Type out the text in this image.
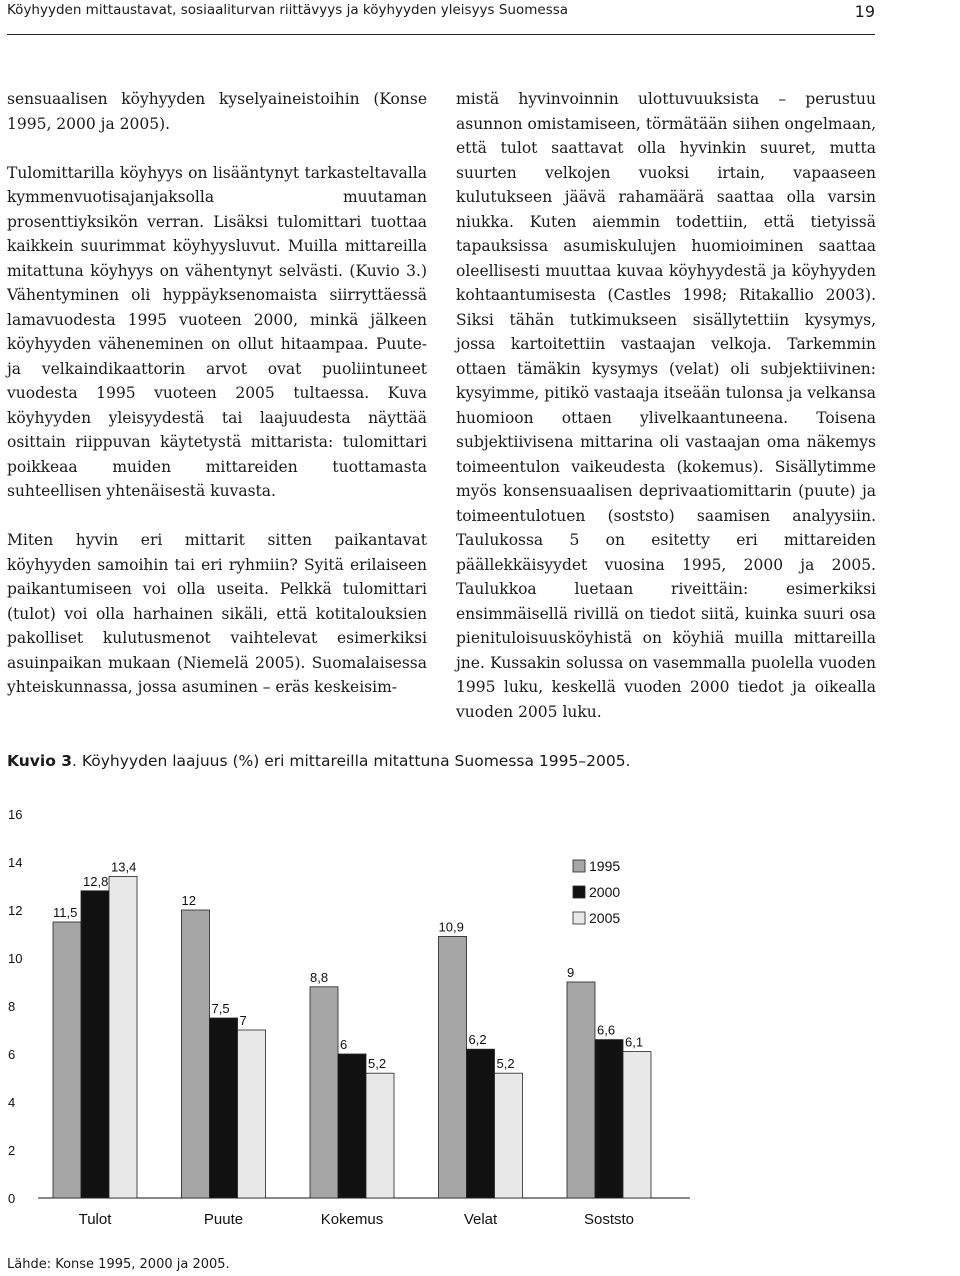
Köyhyyden mittaustavat, sosiaaliturvan riittävyys ja köyhyyden yleisyys Suomessa	19

sensuaalisen köyhyyden kyselyaineistoihin (Konse 1995, 2000 ja 2005).

Tulomittarilla köyhyys on lisääntynyt tarkasteltavalla kymmenvuotisajanjaksolla muutaman prosenttiyksikön verran. Lisäksi tulomittari tuottaa kaikkein suurimmat köyhyysluvut. Muilla mittareilla mitattuna köyhyys on vähentynyt selvästi. (Kuvio 3.) Vähentyminen oli hyppäyksenomaista siirryttäessä lamavuodesta 1995 vuoteen 2000, minkä jälkeen köyhyyden väheneminen on ollut hitaampaa. Puute- ja velkaindikaattorin arvot ovat puoliintuneet vuodesta 1995 vuoteen 2005 tultaessa. Kuva köyhyyden yleisyydestä tai laajuudesta näyttää osittain riippuvan käytetystä mittarista: tulomittari poikkeaa muiden mittareiden tuottamasta suhteellisen yhtenäisestä kuvasta.

Miten hyvin eri mittarit sitten paikantavat köyhyyden samoihin tai eri ryhmiin? Syitä erilaiseen paikantumiseen voi olla useita. Pelkkä tulomittari (tulot) voi olla harhainen sikäli, että kotitalouksien pakolliset kulutusmenot vaihtelevat esimerkiksi asuinpaikan mukaan (Niemelä 2005). Suomalaisessa yhteiskunnassa, jossa asuminen – eräs keskeisim-

mistä hyvinvoinnin ulottuvuuksista – perustuu asunnon omistamiseen, törmätään siihen ongelmaan, että tulot saattavat olla hyvinkin suuret, mutta suurten velkojen vuoksi irtain, vapaaseen kulutukseen jäävä rahamäärä saattaa olla varsin niukka. Kuten aiemmin todettiin, että tietyissä tapauksissa asumiskulujen huomioiminen saattaa oleellisesti muuttaa kuvaa köyhyydestä ja köyhyyden kohtaantumisesta (Castles 1998; Ritakallio 2003). Siksi tähän tutkimukseen sisällytettiin kysymys, jossa kartoitettiin vastaajan velkoja. Tarkemmin ottaen tämäkin kysymys (velat) oli subjektiivinen: kysyimme, pitikö vastaaja itseään tulonsa ja velkansa huomioon ottaen ylivelkaantuneena. Toisena subjektiivisena mittarina oli vastaajan oma näkemys toimeentulon vaikeudesta (kokemus). Sisällytimme myös konsensuaalisen deprivaatiomittarin (puute) ja toimeentulotuen (soststo) saamisen analyysiin. Taulukossa 5 on esitetty eri mittareiden päällekkäisyydet vuosina 1995, 2000 ja 2005. Taulukkoa luetaan riveittäin: esimerkiksi ensimmäisellä rivillä on tiedot siitä, kuinka suuri osa pienituloisuusköyhistä on köyhiä muilla mittareilla jne. Kussakin solussa on vasemmalla puolella vuoden 1995 luku, keskellä vuoden 2000 tiedot ja oikealla vuoden 2005 luku.

Kuvio 3. Köyhyyden laajuus (%) eri mittareilla mitattuna Suomessa 1995–2005.
0
2
4
6
8
10
12
14
16
11,5
12,8
13,4
Tulot
12
7,5
7
Puute
8,8
6
5,2
Kokemus
10,9
6,2
5,2
Velat
9
6,6
6,1
Soststo
1995
2000
2005
Lähde: Konse 1995, 2000 ja 2005.
